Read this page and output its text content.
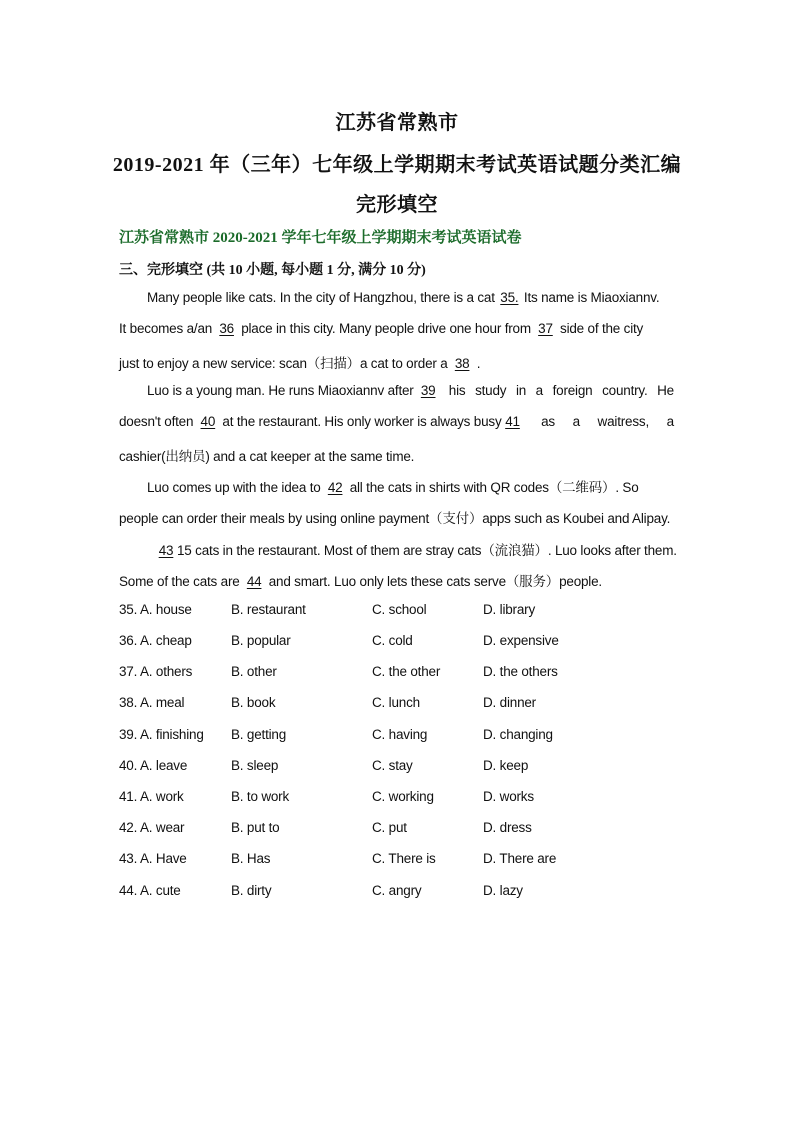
江苏省常熟市
2019-2021 年（三年）七年级上学期期末考试英语试题分类汇编
完形填空
江苏省常熟市 2020-2021 学年七年级上学期期末考试英语试卷
三、完形填空 (共 10 小题, 每小题 1 分, 满分 10 分)
Many people like cats. In the city of Hangzhou, there is a cat 35. Its name is Miaoxiannv.
It becomes a/an 36 place in this city. Many people drive one hour from 37 side of the city
just to enjoy a new service: scan（扫描）a cat to order a 38 .
Luo is a young man. He runs Miaoxiannv after 39 his study in a foreign country. He
doesn't often 40 at the restaurant. His only worker is always busy 41 as a waitress, a
cashier(出纳员) and a cat keeper at the same time.
Luo comes up with the idea to 42 all the cats in shirts with QR codes（二维码）. So
people can order their meals by using online payment（支付）apps such as Koubei and Alipay.
43 15 cats in the restaurant. Most of them are stray cats（流浪猫）. Luo looks after them.
Some of the cats are 44 and smart. Luo only lets these cats serve（服务）people.
35. A. house	B. restaurant	C. school	D. library
36. A. cheap	B. popular	C. cold	D. expensive
37. A. others	B. other	C. the other	D. the others
38. A. meal	B. book	C. lunch	D. dinner
39. A. finishing B. getting	C. having	D. changing
40. A. leave	B. sleep	C. stay	D. keep
41. A. work	B. to work	C. working	D. works
42. A. wear	B. put to	C. put	D. dress
43. A. Have	B. Has	C. There is	D. There are
44. A. cute	B. dirty	C. angry	D. lazy
